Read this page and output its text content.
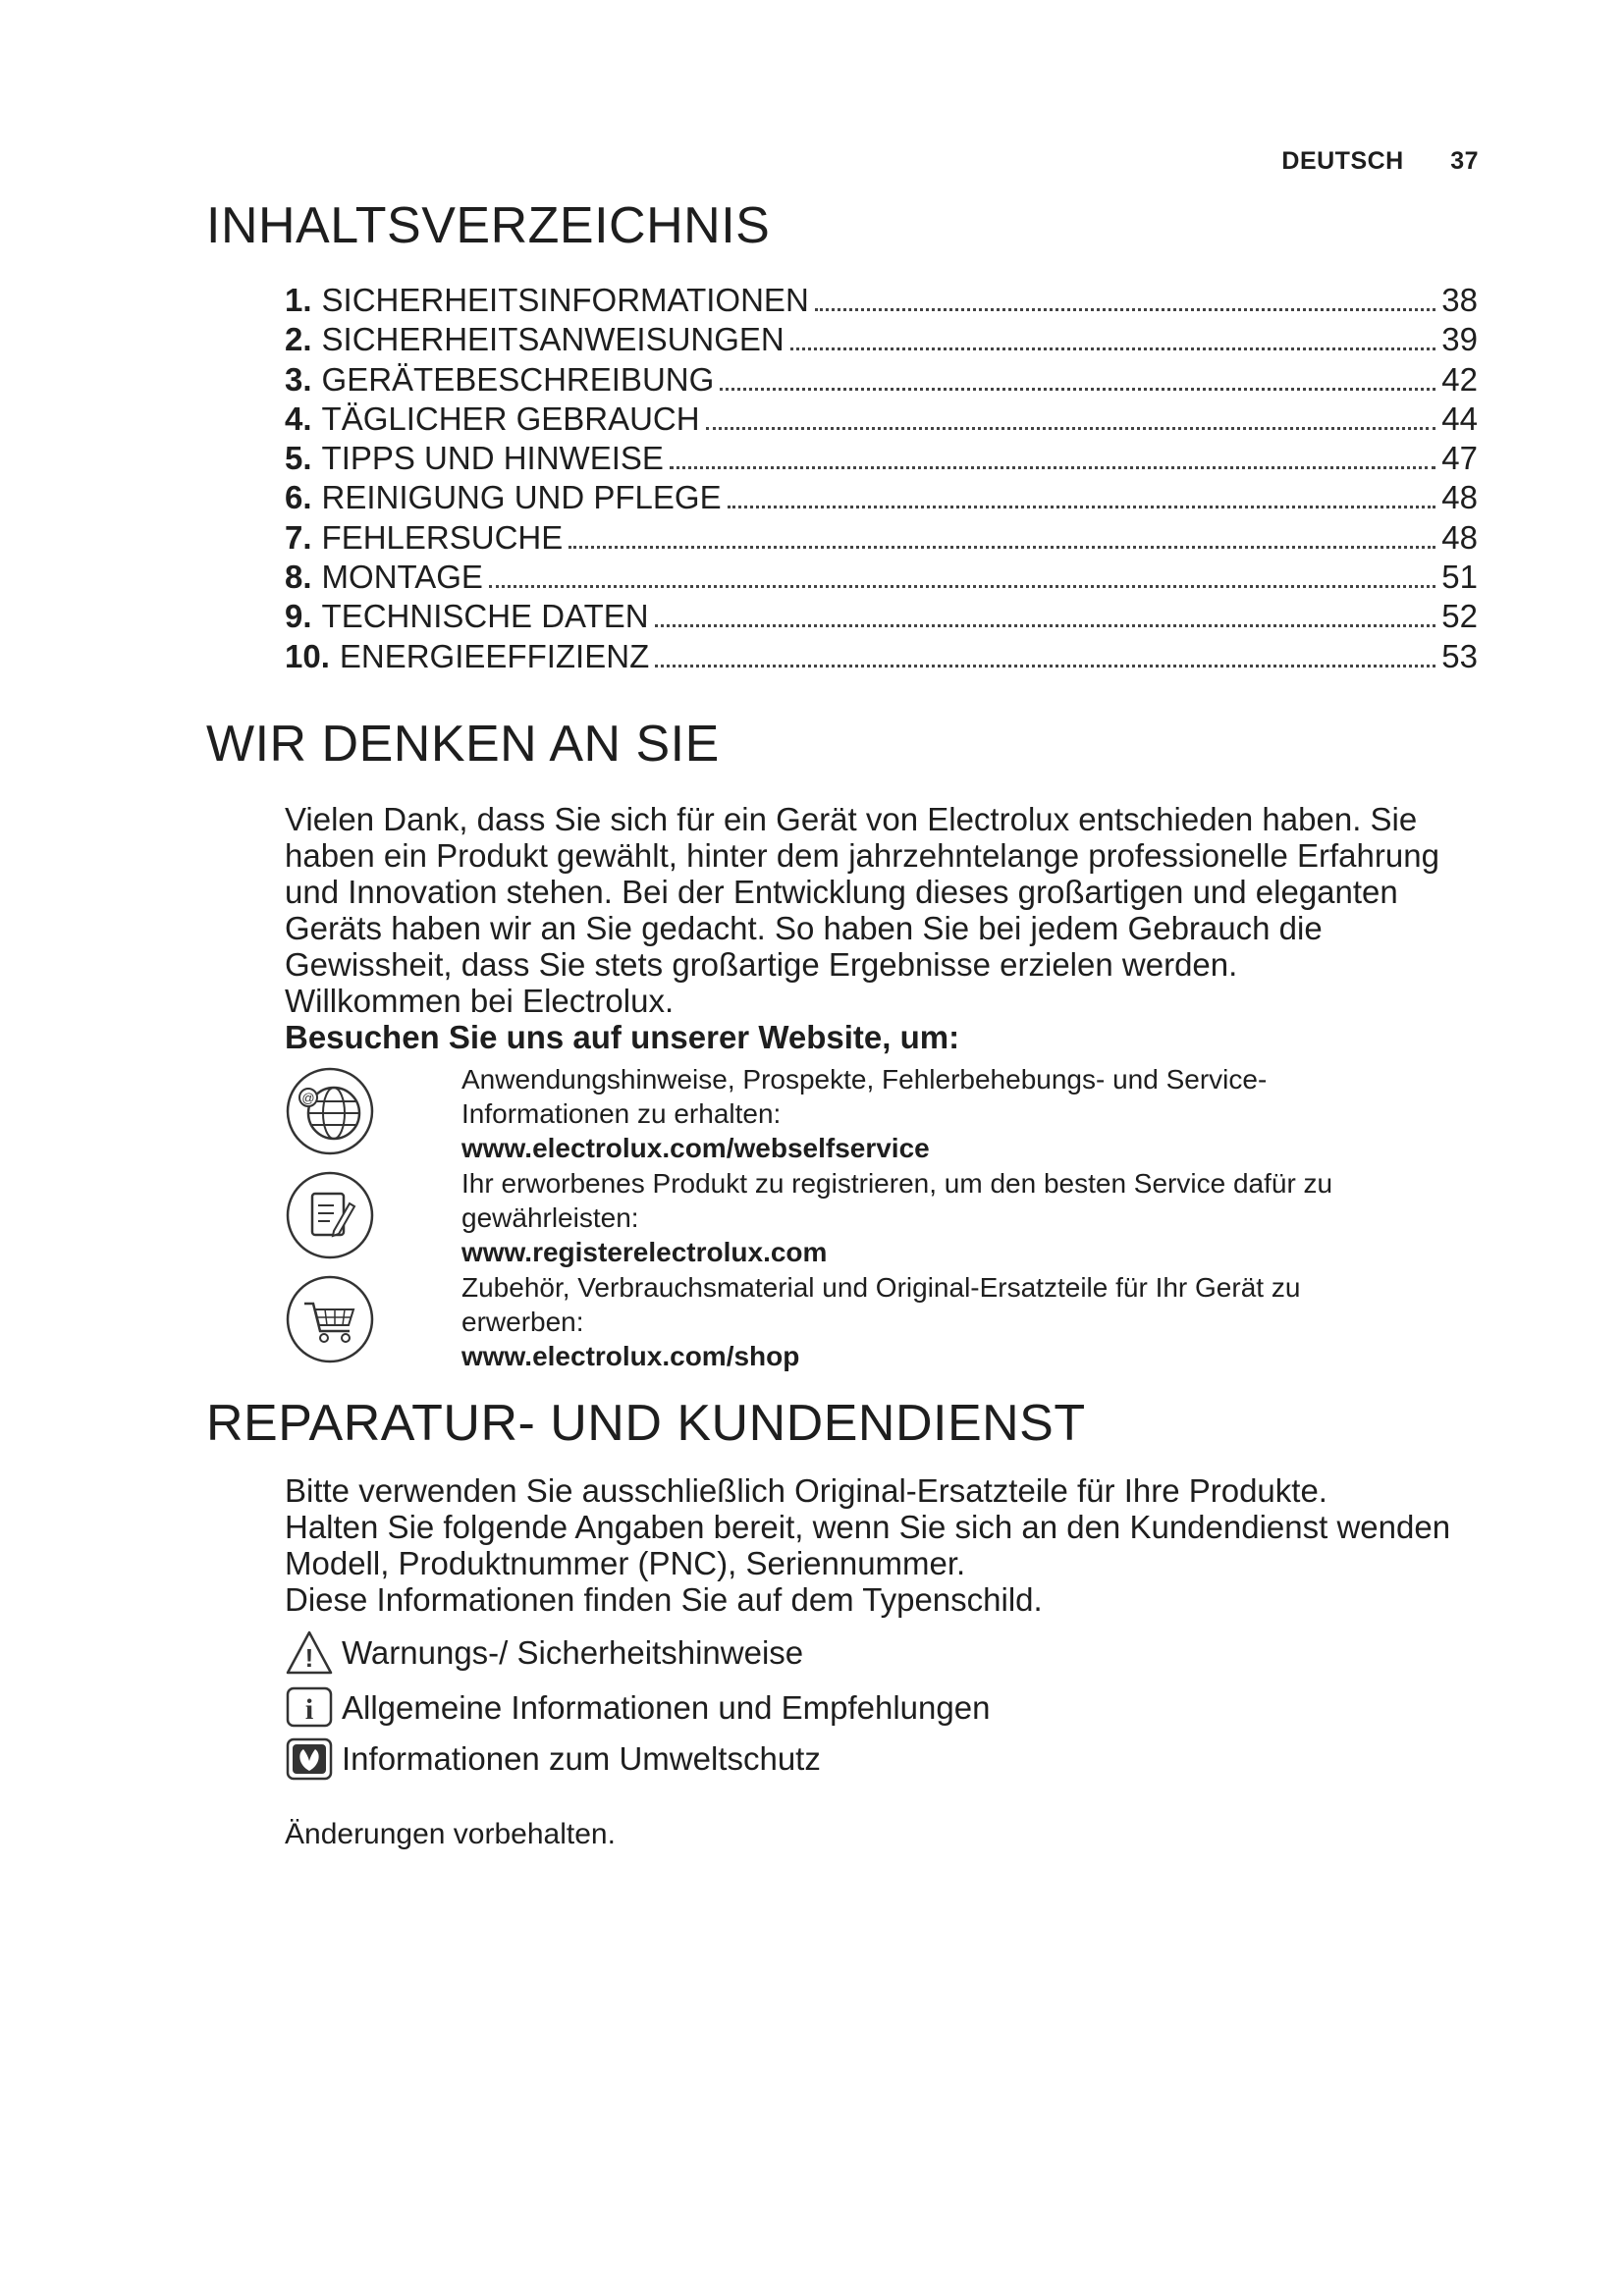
DEUTSCH 37
INHALTSVERZEICHNIS
1. SICHERHEITSINFORMATIONEN	38
2. SICHERHEITSANWEISUNGEN	39
3. GERÄTEBESCHREIBUNG	42
4. TÄGLICHER GEBRAUCH	44
5. TIPPS UND HINWEISE	47
6. REINIGUNG UND PFLEGE	48
7. FEHLERSUCHE	48
8. MONTAGE	51
9. TECHNISCHE DATEN	52
10. ENERGIEEFFIZIENZ	53
WIR DENKEN AN SIE

Vielen Dank, dass Sie sich für ein Gerät von Electrolux entschieden haben. Sie

haben ein Produkt gewählt, hinter dem jahrzehntelange professionelle Erfahrung

und Innovation stehen. Bei der Entwicklung dieses großartigen und eleganten

Geräts haben wir an Sie gedacht. So haben Sie bei jedem Gebrauch die

Gewissheit, dass Sie stets großartige Ergebnisse erzielen werden.

Willkommen bei Electrolux.

Besuchen Sie uns auf unserer Website, um:

@
Anwendungshinweise, Prospekte, Fehlerbehebungs- und Service-
Informationen zu erhalten:
www.electrolux.com/webselfservice
Ihr erworbenes Produkt zu registrieren, um den besten Service dafür zu
gewährleisten:
www.registerelectrolux.com
Zubehör, Verbrauchsmaterial und Original-Ersatzteile für Ihr Gerät zu
erwerben:
www.electrolux.com/shop
REPARATUR- UND KUNDENDIENST

Bitte verwenden Sie ausschließlich Original-Ersatzteile für Ihre Produkte.

Halten Sie folgende Angaben bereit, wenn Sie sich an den Kundendienst wenden

Modell, Produktnummer (PNC), Seriennummer.

Diese Informationen finden Sie auf dem Typenschild.

! Warnungs-/ Sicherheitshinweise
i Allgemeine Informationen und Empfehlungen
Informationen zum Umweltschutz
Änderungen vorbehalten.
